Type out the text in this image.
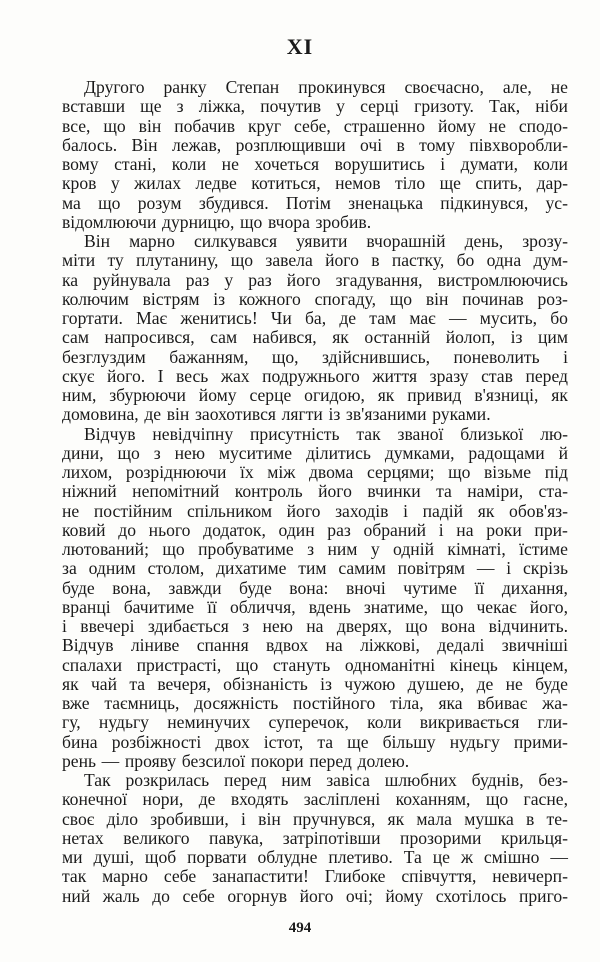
XI
Другого ранку Степан прокинувся своєчасно, але, не
вставши ще з ліжка, почутив у серці гризоту. Так, ніби
все, що він побачив круг себе, страшенно йому не сподо-
балось. Він лежав, розплющивши очі в тому півхворобли-
вому стані, коли не хочеться ворушитись і думати, коли
кров у жилах ледве котиться, немов тіло ще спить, дар-
ма що розум збудився. Потім зненацька підкинувся, ус-
відомлюючи дурницю, що вчора зробив.
Він марно силкувався уявити вчорашній день, зрозу-
міти ту плутанину, що завела його в пастку, бо одна дум-
ка руйнувала раз у раз його згадування, вистромлюючись
колючим вістрям із кожного спогаду, що він починав роз-
гортати. Має женитись! Чи ба, де там має — мусить, бо
сам напросився, сам набився, як останній йолоп, із цим
безглуздим бажанням, що, здійснившись, поневолить і
скує його. І весь жах подружнього життя зразу став перед
ним, збурюючи йому серце огидою, як привид в'язниці, як
домовина, де він заохотився лягти із зв'язаними руками.
Відчув невідчіпну присутність так званої близької лю-
дини, що з нею муситиме ділитись думками, радощами й
лихом, розріднюючи їх між двома серцями; що візьме під
ніжний непомітний контроль його вчинки та наміри, ста-
не постійним спільником його заходів і падій як обов'яз-
ковий до нього додаток, один раз обраний і на роки при-
лютований; що пробуватиме з ним у одній кімнаті, їстиме
за одним столом, дихатиме тим самим повітрям — і скрізь
буде вона, завжди буде вона: вночі чутиме її дихання,
вранці бачитиме її обличчя, вдень знатиме, що чекає його,
і ввечері здибається з нею на дверях, що вона відчинить.
Відчув ліниве спання вдвох на ліжкові, дедалі звичніші
спалахи пристрасті, що стануть одноманітні кінець кінцем,
як чай та вечеря, обізнаність із чужою душею, де не буде
вже таємниць, досяжність постійного тіла, яка вбиває жа-
гу, нудьгу неминучих суперечок, коли викривається гли-
бина розбіжності двох істот, та ще більшу нудьгу прими-
рень — прояву безсилої покори перед долею.
Так розкрилась перед ним завіса шлюбних буднів, без-
конечної нори, де входять засліплені коханням, що гасне,
своє діло зробивши, і він пручнувся, як мала мушка в те-
нетах великого павука, затріпотівши прозорими крильця-
ми душі, щоб порвати облудне плетиво. Та це ж смішно —
так марно себе занапастити! Глибоке співчуття, невичерп-
ний жаль до себе огорнув його очі; йому схотілось приго-
494
